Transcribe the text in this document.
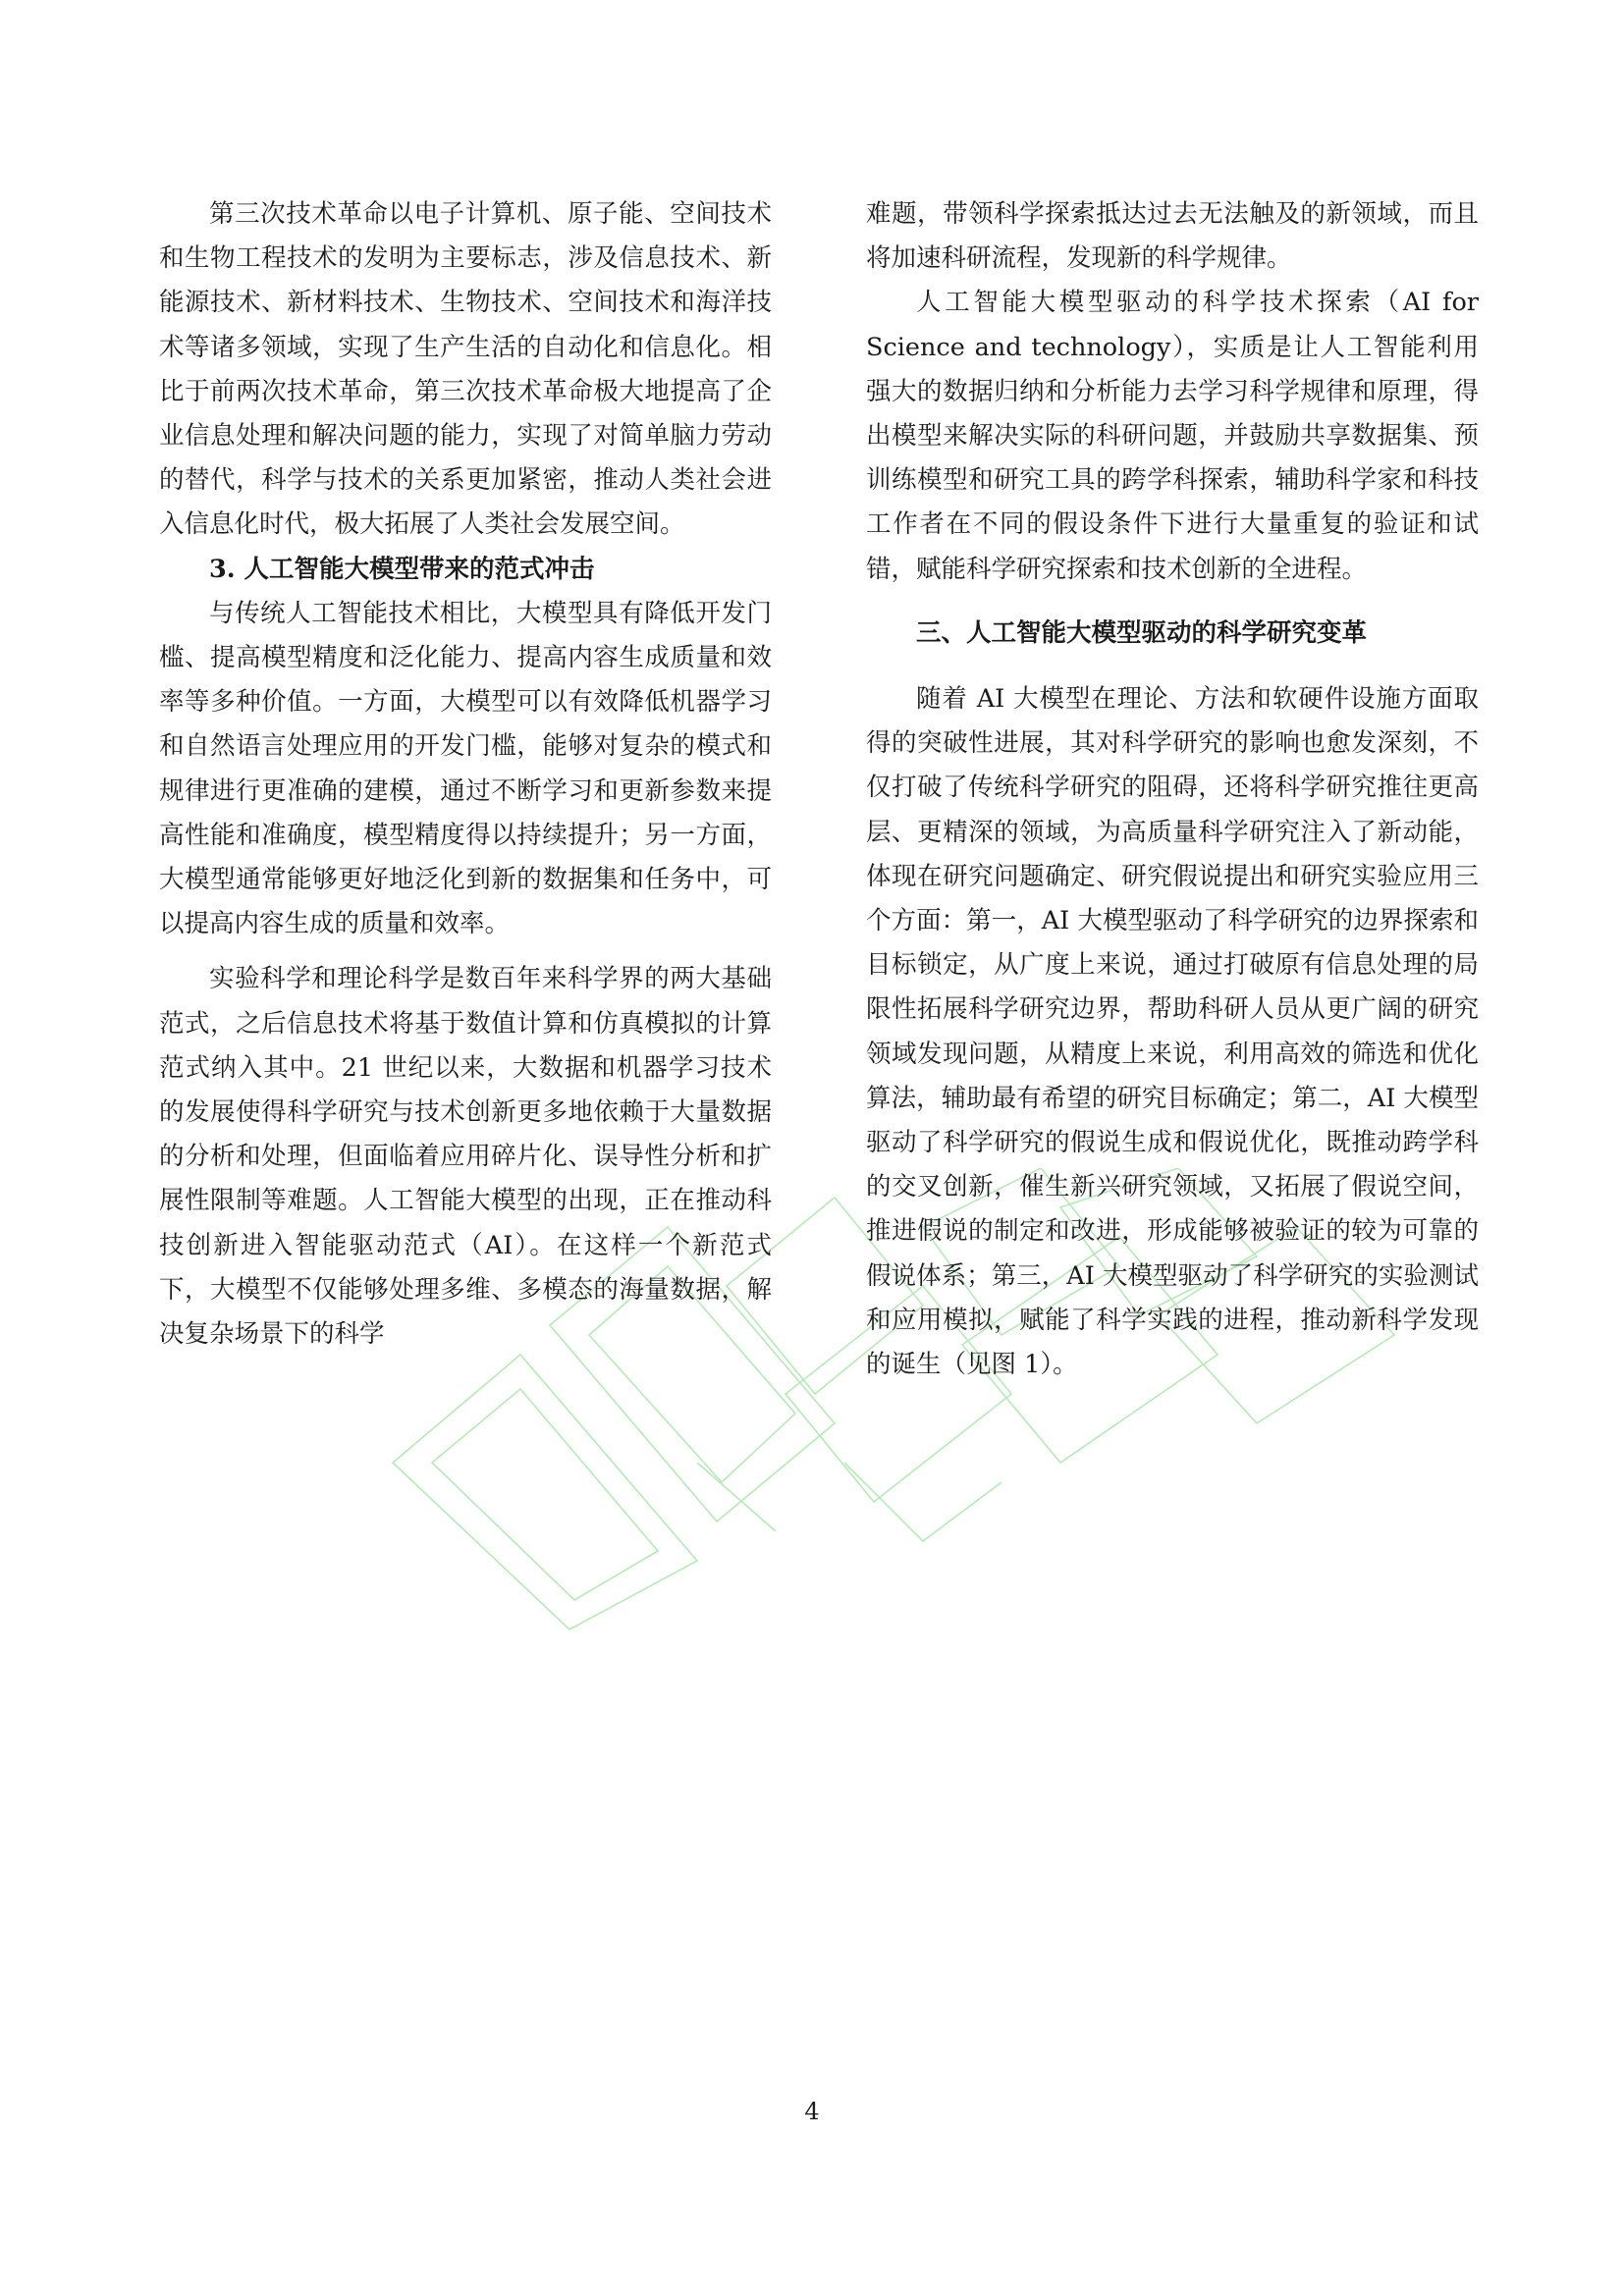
第三次技术革命以电子计算机、原子能、空间技术和生物工程技术的发明为主要标志，涉及信息技术、新能源技术、新材料技术、生物技术、空间技术和海洋技术等诸多领域，实现了生产生活的自动化和信息化。相比于前两次技术革命，第三次技术革命极大地提高了企业信息处理和解决问题的能力，实现了对简单脑力劳动的替代，科学与技术的关系更加紧密，推动人类社会进入信息化时代，极大拓展了人类社会发展空间。

3. 人工智能大模型带来的范式冲击

与传统人工智能技术相比，大模型具有降低开发门槛、提高模型精度和泛化能力、提高内容生成质量和效率等多种价值。一方面，大模型可以有效降低机器学习和自然语言处理应用的开发门槛，能够对复杂的模式和规律进行更准确的建模，通过不断学习和更新参数来提高性能和准确度，模型精度得以持续提升；另一方面，大模型通常能够更好地泛化到新的数据集和任务中，可以提高内容生成的质量和效率。

实验科学和理论科学是数百年来科学界的两大基础范式，之后信息技术将基于数值计算和仿真模拟的计算范式纳入其中。21 世纪以来，大数据和机器学习技术的发展使得科学研究与技术创新更多地依赖于大量数据的分析和处理，但面临着应用碎片化、误导性分析和扩展性限制等难题。人工智能大模型的出现，正在推动科技创新进入智能驱动范式（AI）。在这样一个新范式下，大模型不仅能够处理多维、多模态的海量数据，解决复杂场景下的科学

难题，带领科学探索抵达过去无法触及的新领域，而且将加速科研流程，发现新的科学规律。

人工智能大模型驱动的科学技术探索（AI for Science and technology），实质是让人工智能利用强大的数据归纳和分析能力去学习科学规律和原理，得出模型来解决实际的科研问题，并鼓励共享数据集、预训练模型和研究工具的跨学科探索，辅助科学家和科技工作者在不同的假设条件下进行大量重复的验证和试错，赋能科学研究探索和技术创新的全进程。

三、人工智能大模型驱动的科学研究变革

随着 AI 大模型在理论、方法和软硬件设施方面取得的突破性进展，其对科学研究的影响也愈发深刻，不仅打破了传统科学研究的阻碍，还将科学研究推往更高层、更精深的领域，为高质量科学研究注入了新动能，体现在研究问题确定、研究假说提出和研究实验应用三个方面：第一，AI 大模型驱动了科学研究的边界探索和目标锁定，从广度上来说，通过打破原有信息处理的局限性拓展科学研究边界，帮助科研人员从更广阔的研究领域发现问题，从精度上来说，利用高效的筛选和优化算法，辅助最有希望的研究目标确定；第二，AI 大模型驱动了科学研究的假说生成和假说优化，既推动跨学科的交叉创新，催生新兴研究领域，又拓展了假说空间，推进假说的制定和改进，形成能够被验证的较为可靠的假说体系；第三，AI 大模型驱动了科学研究的实验测试和应用模拟，赋能了科学实践的进程，推动新科学发现的诞生（见图 1）。

4
